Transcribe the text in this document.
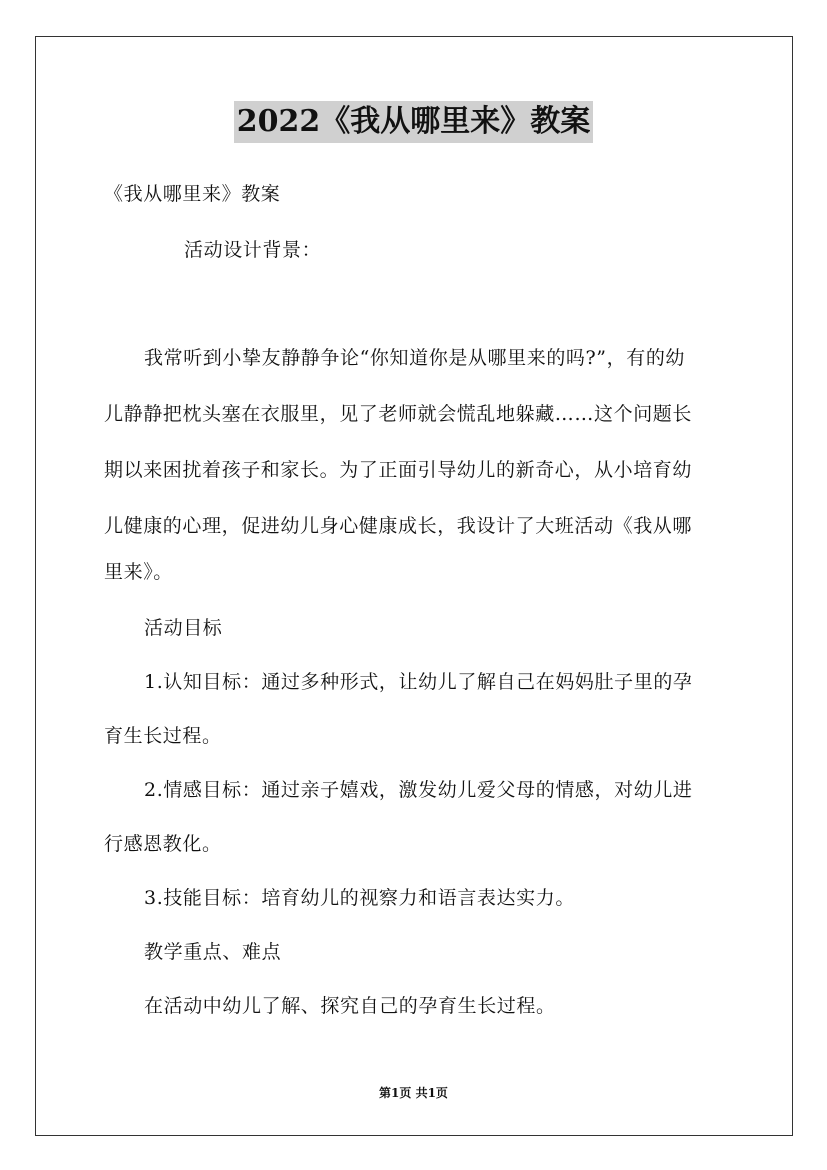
2022《我从哪里来》教案
《我从哪里来》教案
活动设计背景：
我常听到小挚友静静争论“你知道你是从哪里来的吗?”，有的幼
儿静静把枕头塞在衣服里，见了老师就会慌乱地躲藏……这个问题长
期以来困扰着孩子和家长。为了正面引导幼儿的新奇心，从小培育幼
儿健康的心理，促进幼儿身心健康成长，我设计了大班活动《我从哪
里来》。
活动目标
1.认知目标：通过多种形式，让幼儿了解自己在妈妈肚子里的孕
育生长过程。
2.情感目标：通过亲子嬉戏，激发幼儿爱父母的情感，对幼儿进
行感恩教化。
3.技能目标：培育幼儿的视察力和语言表达实力。
教学重点、难点
在活动中幼儿了解、探究自己的孕育生长过程。
第1页 共1页
